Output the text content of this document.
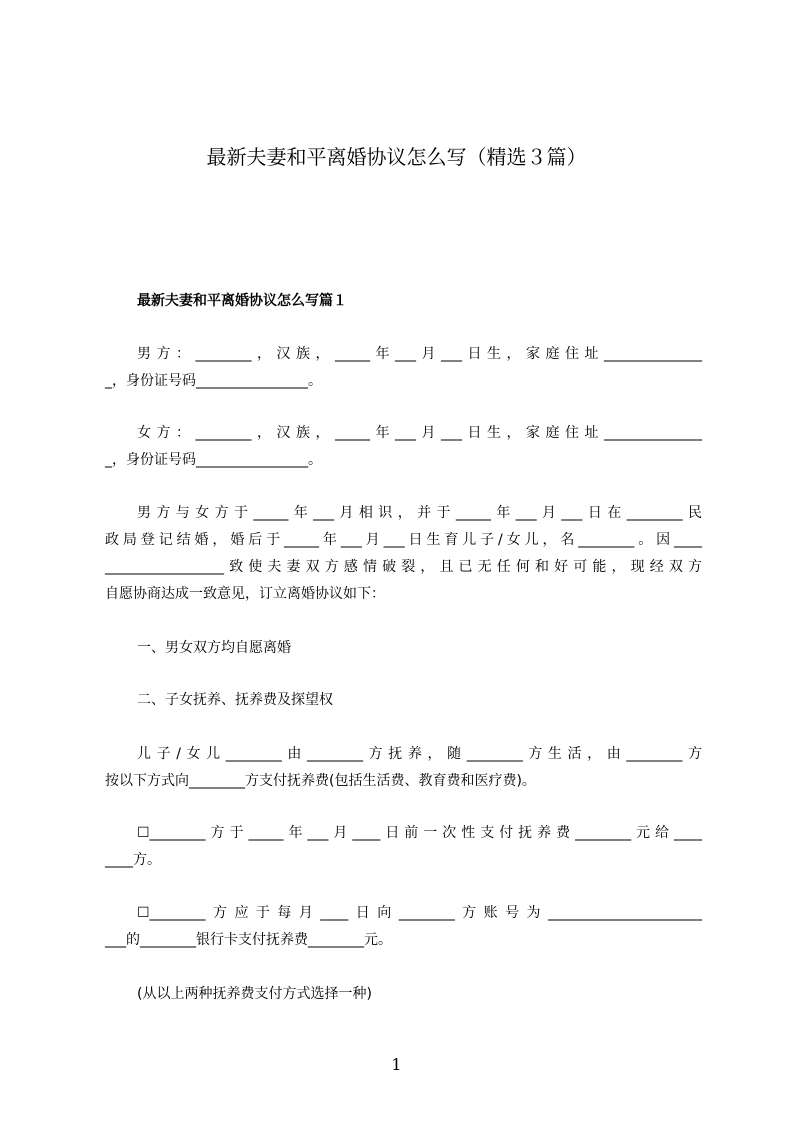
最新夫妻和平离婚协议怎么写（精选３篇）
最新夫妻和平离婚协议怎么写篇１
男方：________，汉族，_____年___月___日生，家庭住址______________
_，身份证号码________________。
女方：________，汉族，_____年___月___日生，家庭住址______________
_，身份证号码________________。
男方与女方于_____年___月相识，并于_____年___月___日在________民
政局登记结婚，婚后于_____年___月___日生育儿子/女儿，名________。因____
_________________致使夫妻双方感情破裂，且已无任何和好可能，现经双方
自愿协商达成一致意见，订立离婚协议如下：
一、男女双方均自愿离婚
二、子女抚养、抚养费及探望权
儿子/女儿________由________方抚养，随________方生活，由________方
按以下方式向________方支付抚养费(包括生活费、教育费和医疗费)。
☐________方于_____年___月____日前一次性支付抚养费________元给____
____方。
☐________方应于每月____日向________方账号为______________________
___的________银行卡支付抚养费________元。
(从以上两种抚养费支付方式选择一种)
1
